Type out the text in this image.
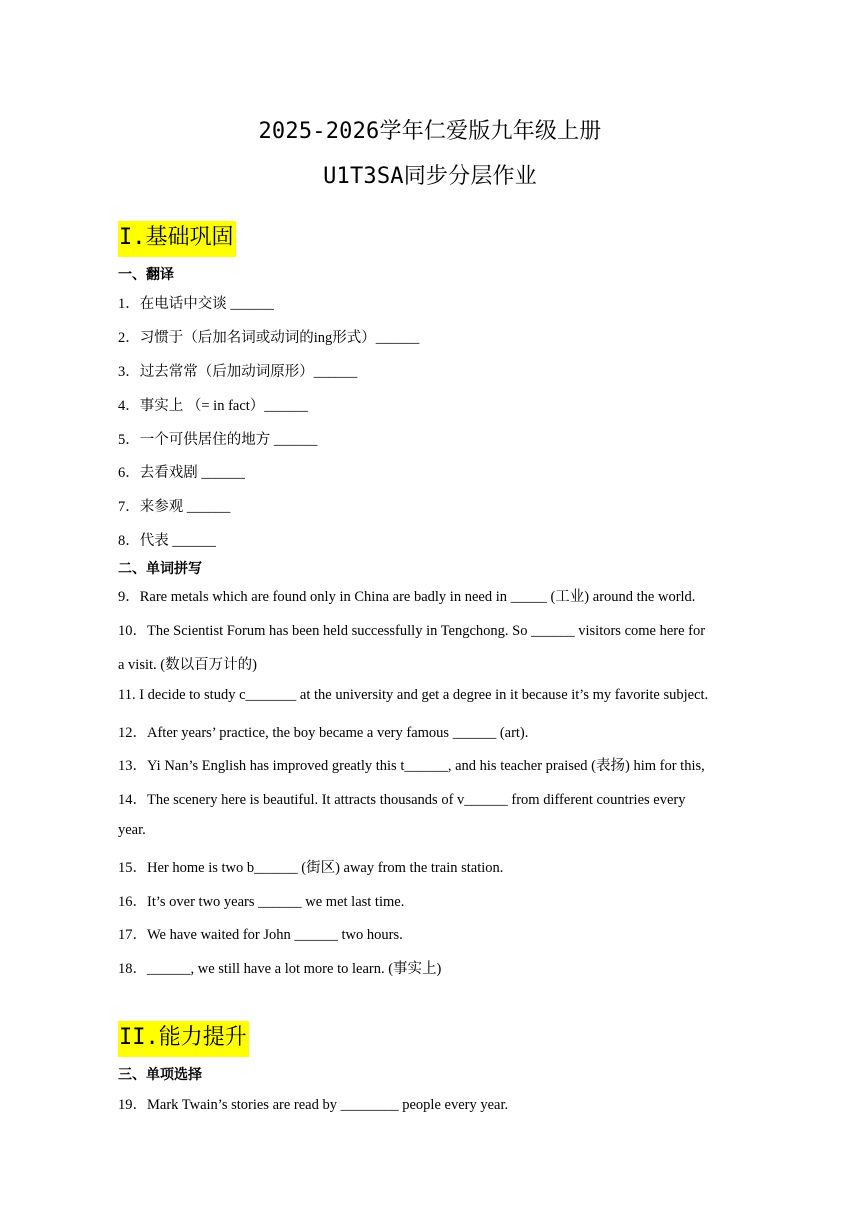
2025-2026学年仁爱版九年级上册
U1T3SA同步分层作业
I.基础巩固
一、翻译
1．在电话中交谈 ______
2．习惯于（后加名词或动词的ing形式）______
3．过去常常（后加动词原形）______
4．事实上 （= in fact）______
5．一个可供居住的地方 ______
6．去看戏剧 ______
7．来参观 ______
8．代表 ______
二、单词拼写
9．Rare metals which are found only in China are badly in need in _____ (工业) around the world.
10．The Scientist Forum has been held successfully in Tengchong. So ______ visitors come here for
a visit. (数以百万计的)
11. I decide to study c_______ at the university and get a degree in it because it’s my favorite subject.
12．After years’ practice, the boy became a very famous ______ (art).
13．Yi Nan’s English has improved greatly this t______, and his teacher praised (表扬) him for this,
14．The scenery here is beautiful. It attracts thousands of v______ from different countries every
year.
15．Her home is two b______ (街区) away from the train station.
16．It’s over two years ______ we met last time.
17．We have waited for John ______ two hours.
18．______, we still have a lot more to learn. (事实上)
II.能力提升
三、单项选择
19．Mark Twain’s stories are read by ________ people every year.
